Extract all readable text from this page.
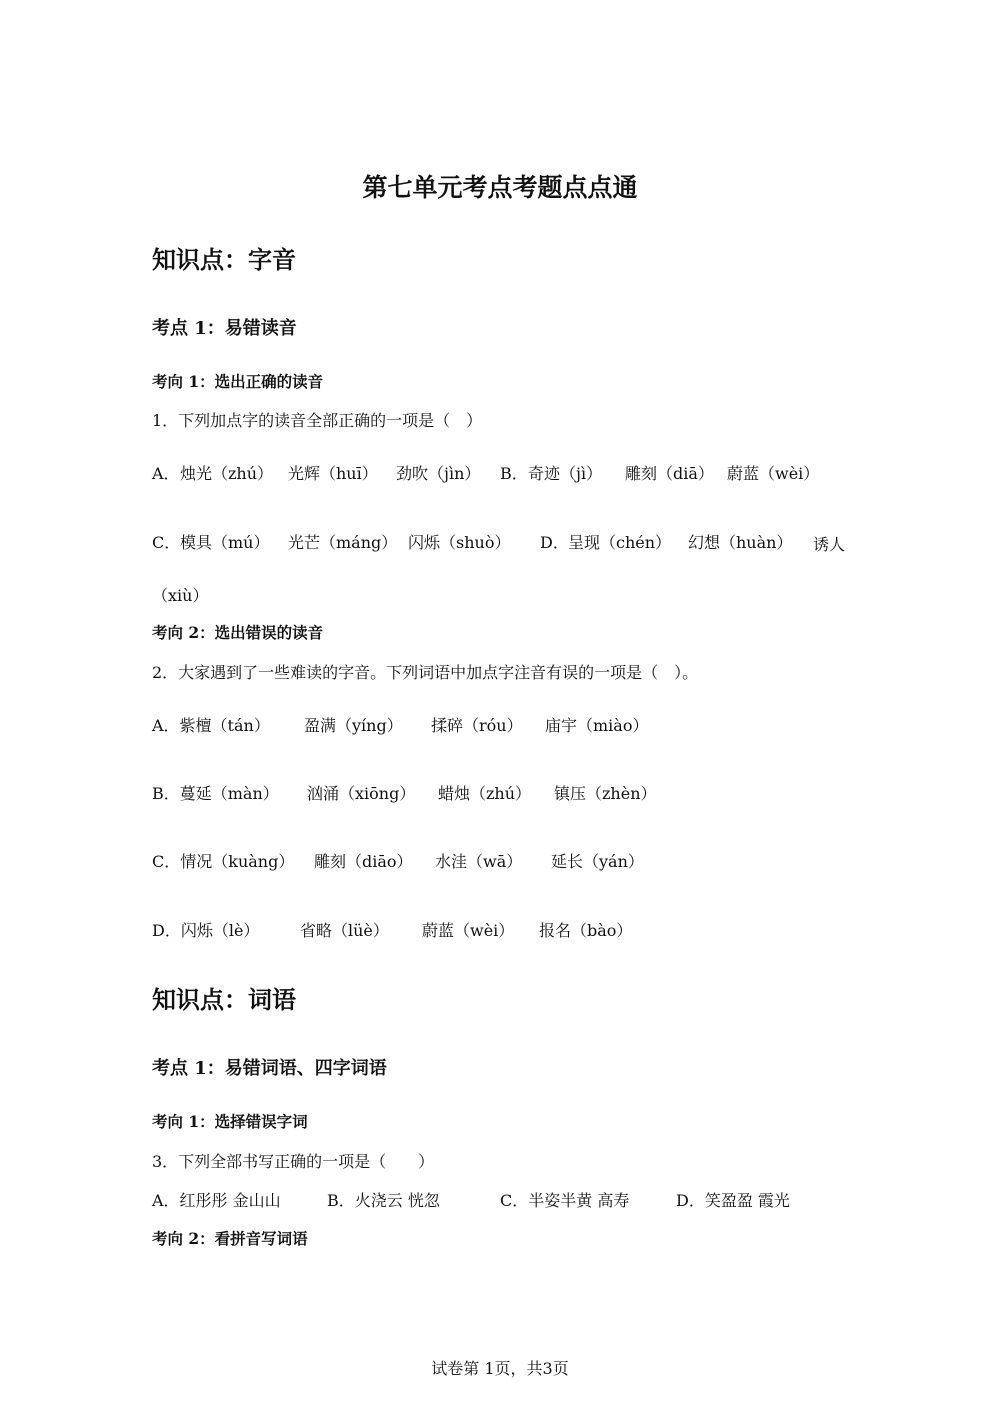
第七单元考点考题点点通
知识点：字音
考点 1：易错读音
考向 1：选出正确的读音
1．下列加点字的读音全部正确的一项是（　）
A． 烛光（zhú） 光辉（huī） 劲吹（jìn） B． 奇迹（jì） 雕刻（diā） 蔚蓝（wèi）
C． 模具（mú） 光芒（máng） 闪烁（shuò） D． 呈现（chén） 幻想（huàn） 诱人
（xiù）
考向 2：选出错误的读音
2．大家遇到了一些难读的字音。下列词语中加点字注音有误的一项是（　）。
A．紫檀（tán） 盈满（yíng） 揉碎（róu） 庙宇（miào）
B．蔓延（màn） 汹涌（xiōng） 蜡烛（zhú） 镇压（zhèn）
C．情况（kuàng） 雕刻（diāo） 水洼（wā） 延长（yán）
D．闪烁（lè）	省略（lüè） 蔚蓝（wèi） 报名（bào）
知识点：词语
考点 1：易错词语、四字词语
考向 1：选择错误字词
3．下列全部书写正确的一项是（　　）
A．红彤彤 金山山	B．火浇云 恍忽	C．半姿半黄 高寿	D．笑盈盈 霞光
考向 2：看拼音写词语
试卷第 1页，共3页
